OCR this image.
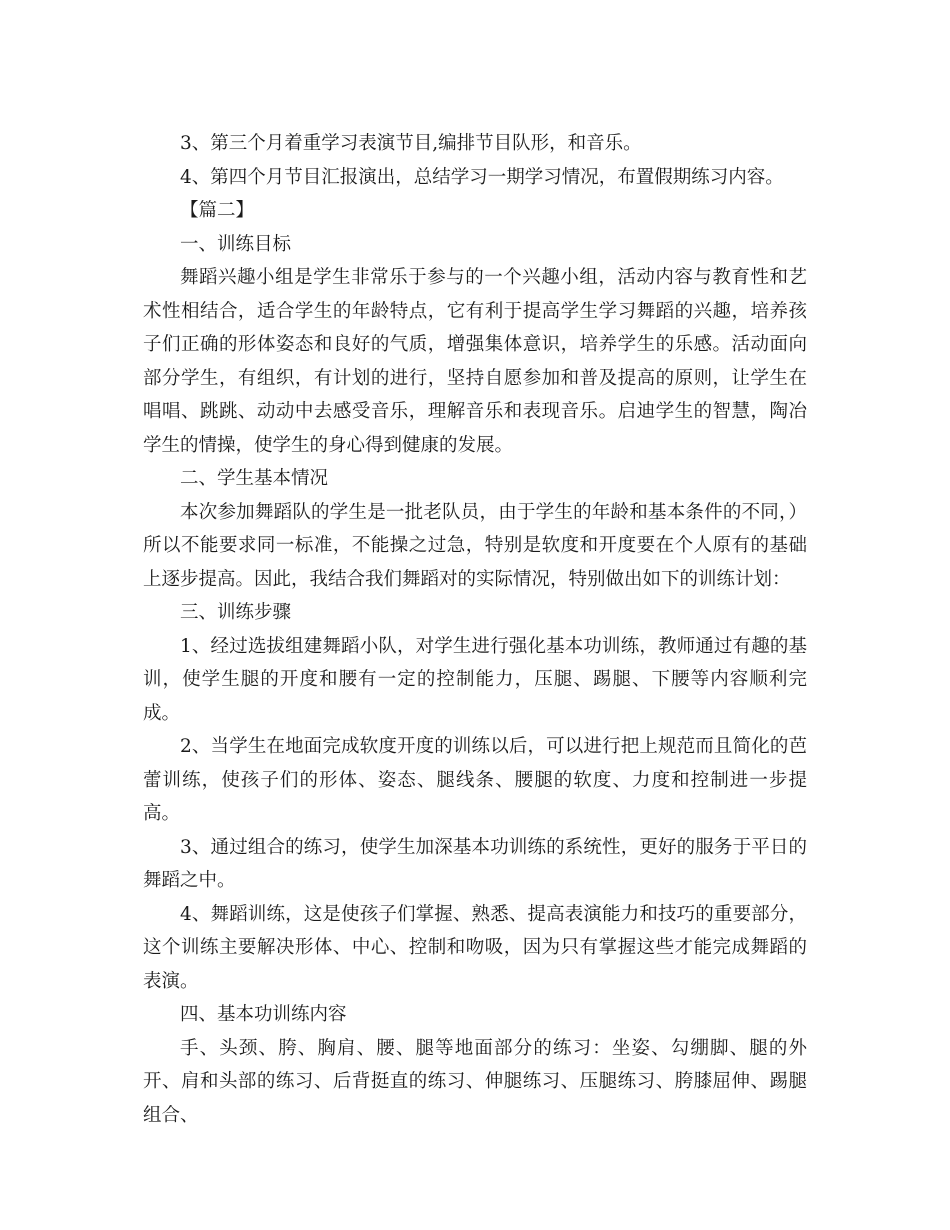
3、第三个月着重学习表演节目,编排节目队形，和音乐。

4、第四个月节目汇报演出，总结学习一期学习情况，布置假期练习内容。

【篇二】

一、训练目标

舞蹈兴趣小组是学生非常乐于参与的一个兴趣小组，活动内容与教育性和艺术性相结合，适合学生的年龄特点，它有利于提高学生学习舞蹈的兴趣，培养孩子们正确的形体姿态和良好的气质，增强集体意识，培养学生的乐感。活动面向部分学生，有组织，有计划的进行，坚持自愿参加和普及提高的原则，让学生在唱唱、跳跳、动动中去感受音乐，理解音乐和表现音乐。启迪学生的智慧，陶冶学生的情操，使学生的身心得到健康的发展。

二、学生基本情况

本次参加舞蹈队的学生是一批老队员，由于学生的年龄和基本条件的不同，）所以不能要求同一标准，不能操之过急，特别是软度和开度要在个人原有的基础上逐步提高。因此，我结合我们舞蹈对的实际情况，特别做出如下的训练计划：

三、训练步骤

1、经过选拔组建舞蹈小队，对学生进行强化基本功训练，教师通过有趣的基训，使学生腿的开度和腰有一定的控制能力，压腿、踢腿、下腰等内容顺利完成。

2、当学生在地面完成软度开度的训练以后，可以进行把上规范而且简化的芭蕾训练，使孩子们的形体、姿态、腿线条、腰腿的软度、力度和控制进一步提高。

3、通过组合的练习，使学生加深基本功训练的系统性，更好的服务于平日的舞蹈之中。

4、舞蹈训练，这是使孩子们掌握、熟悉、提高表演能力和技巧的重要部分，这个训练主要解决形体、中心、控制和吻吸，因为只有掌握这些才能完成舞蹈的表演。

四、基本功训练内容

手、头颈、胯、胸肩、腰、腿等地面部分的练习：坐姿、勾绷脚、腿的外开、肩和头部的练习、后背挺直的练习、伸腿练习、压腿练习、胯膝屈伸、踢腿组合、
